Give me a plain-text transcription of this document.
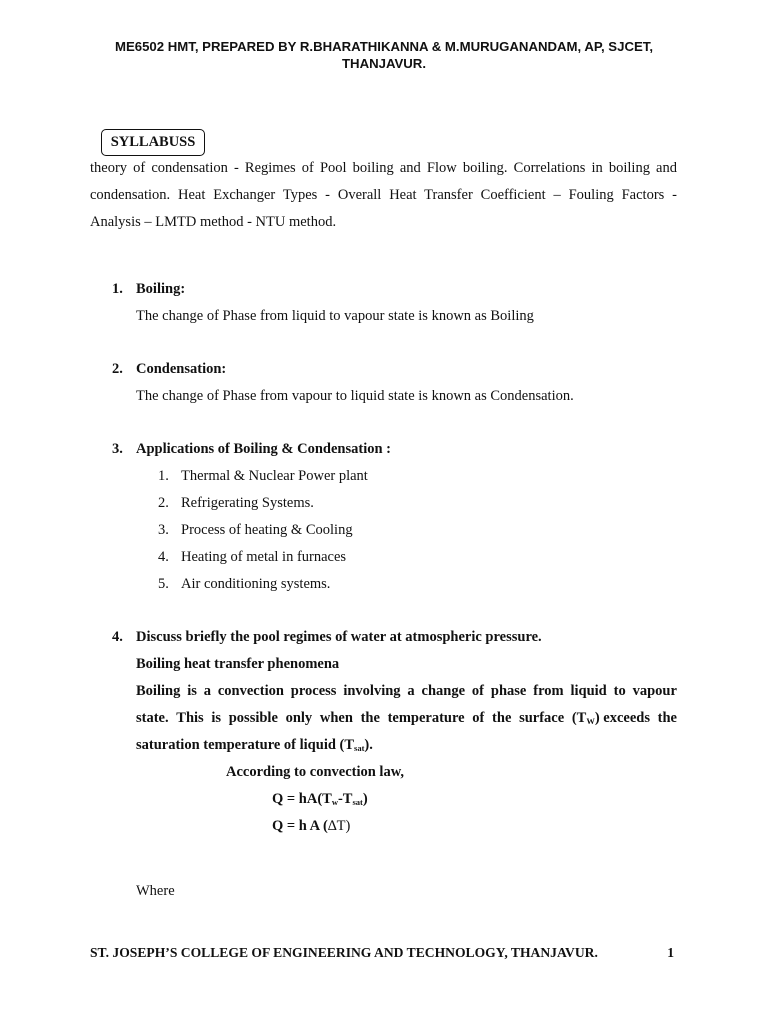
ME6502 HMT, PREPARED BY R.BHARATHIKANNA & M.MURUGANANDAM, AP, SJCET,
THANJAVUR.
SYLLABUSS
theory of condensation - Regimes of Pool boiling and Flow boiling. Correlations in boiling and condensation. Heat Exchanger Types - Overall Heat Transfer Coefficient – Fouling Factors - Analysis – LMTD method - NTU method.
1. Boiling:
The change of Phase from liquid to vapour state is known as Boiling
2. Condensation:
The change of Phase from vapour to liquid state is known as Condensation.
3. Applications of Boiling & Condensation :
1. Thermal & Nuclear Power plant
2. Refrigerating Systems.
3. Process of heating & Cooling
4. Heating of metal in furnaces
5. Air conditioning systems.
4. Discuss briefly the pool regimes of water at atmospheric pressure.
Boiling heat transfer phenomena
Boiling is a convection process involving a change of phase from liquid to vapour
state. This is possible only when the temperature of the surface $(T_W)$ exceeds the
saturation temperature of liquid $(T_{sat})$.
According to convection law,
$Q = hA(T_w-T_{sat})$
Q = h A (∆T)
Where
ST. JOSEPH’S COLLEGE OF ENGINEERING AND TECHNOLOGY, THANJAVUR.	1
